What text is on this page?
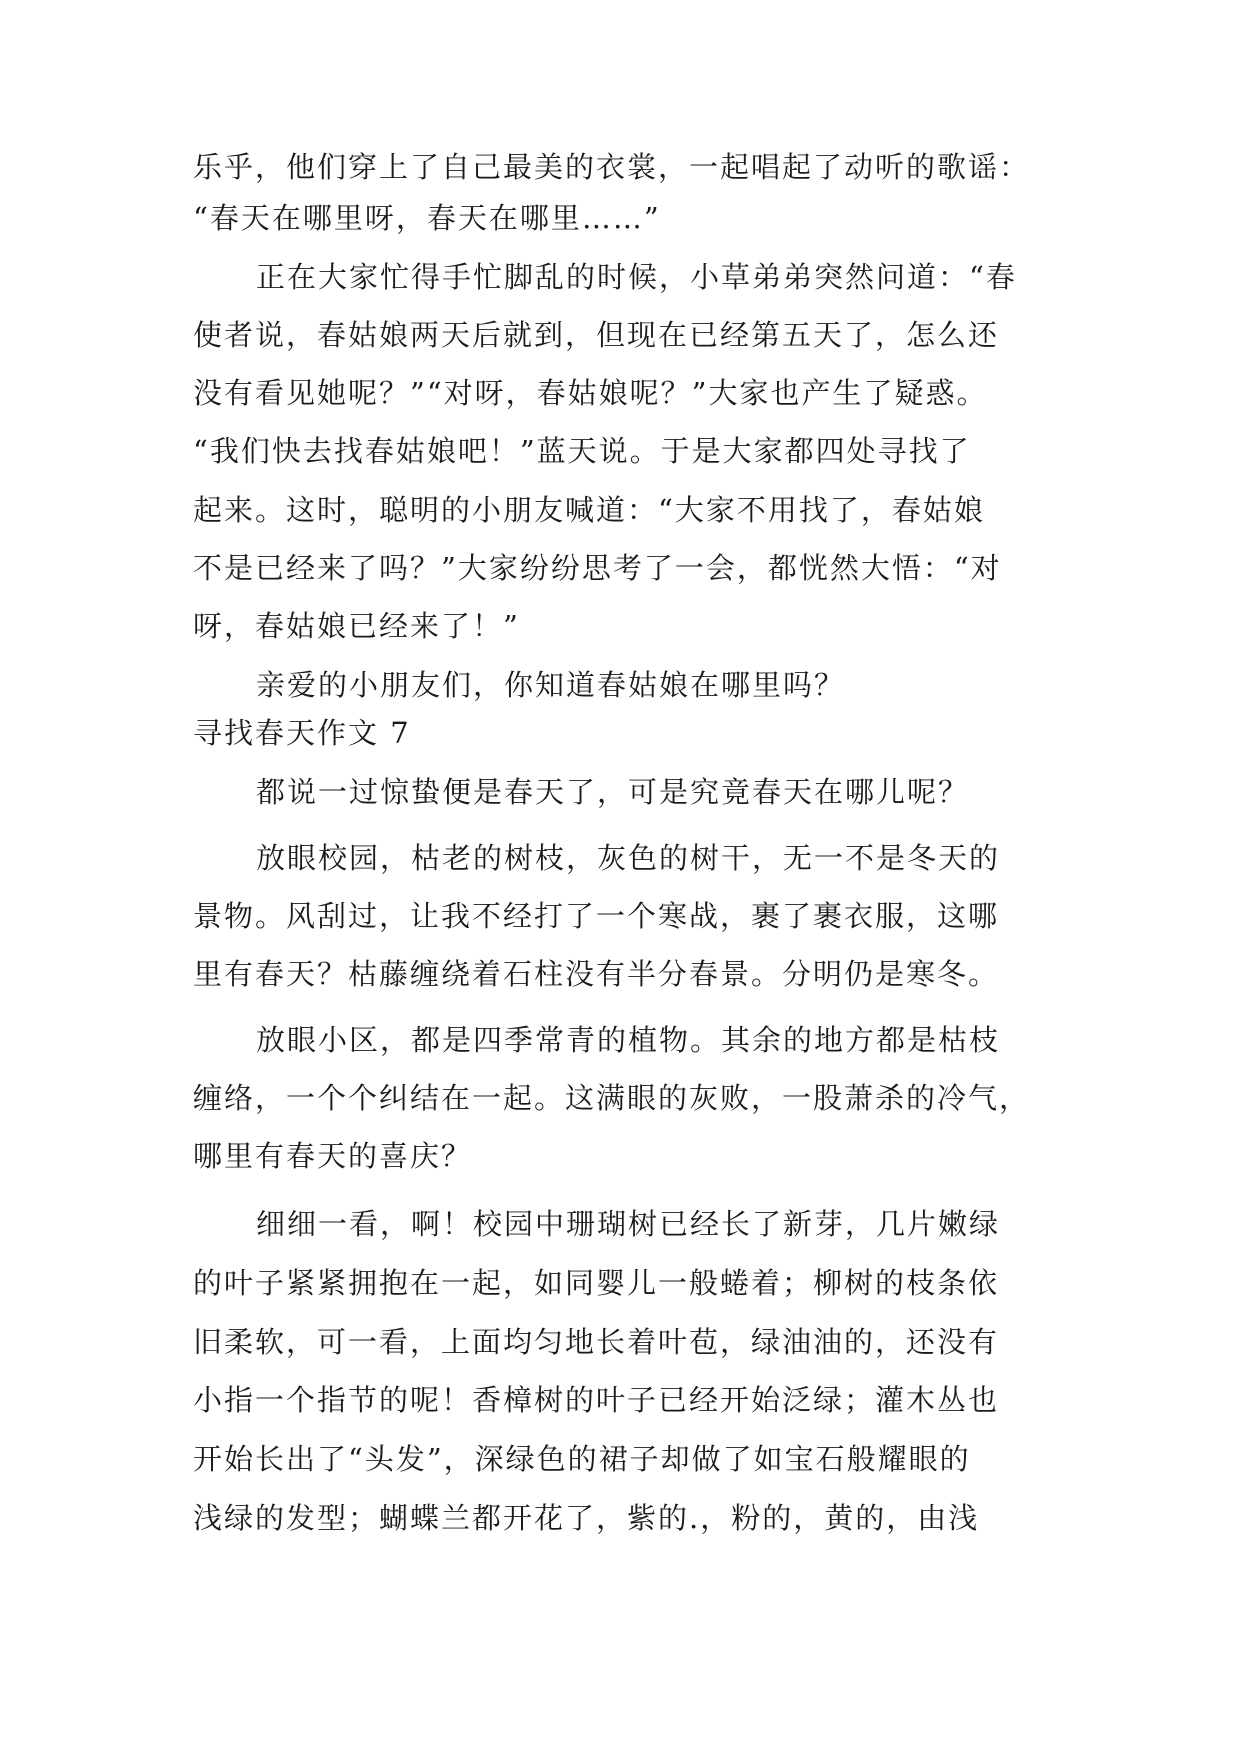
乐乎，他们穿上了自己最美的衣裳，一起唱起了动听的歌谣：
“春天在哪里呀，春天在哪里……”
正在大家忙得手忙脚乱的时候，小草弟弟突然问道：“春
使者说，春姑娘两天后就到，但现在已经第五天了，怎么还
没有看见她呢？”“对呀，春姑娘呢？”大家也产生了疑惑。
“我们快去找春姑娘吧！”蓝天说。于是大家都四处寻找了
起来。这时，聪明的小朋友喊道：“大家不用找了，春姑娘
不是已经来了吗？”大家纷纷思考了一会，都恍然大悟：“对
呀，春姑娘已经来了！”
亲爱的小朋友们，你知道春姑娘在哪里吗？
寻找春天作文 7
都说一过惊蛰便是春天了，可是究竟春天在哪儿呢？
放眼校园，枯老的树枝，灰色的树干，无一不是冬天的
景物。风刮过，让我不经打了一个寒战，裹了裹衣服，这哪
里有春天？枯藤缠绕着石柱没有半分春景。分明仍是寒冬。
放眼小区，都是四季常青的植物。其余的地方都是枯枝
缠络，一个个纠结在一起。这满眼的灰败，一股萧杀的冷气，
哪里有春天的喜庆？
细细一看，啊！校园中珊瑚树已经长了新芽，几片嫩绿
的叶子紧紧拥抱在一起，如同婴儿一般蜷着；柳树的枝条依
旧柔软，可一看，上面均匀地长着叶苞，绿油油的，还没有
小指一个指节的呢！香樟树的叶子已经开始泛绿；灌木丛也
开始长出了“头发”，深绿色的裙子却做了如宝石般耀眼的
浅绿的发型；蝴蝶兰都开花了，紫的.，粉的，黄的，由浅
